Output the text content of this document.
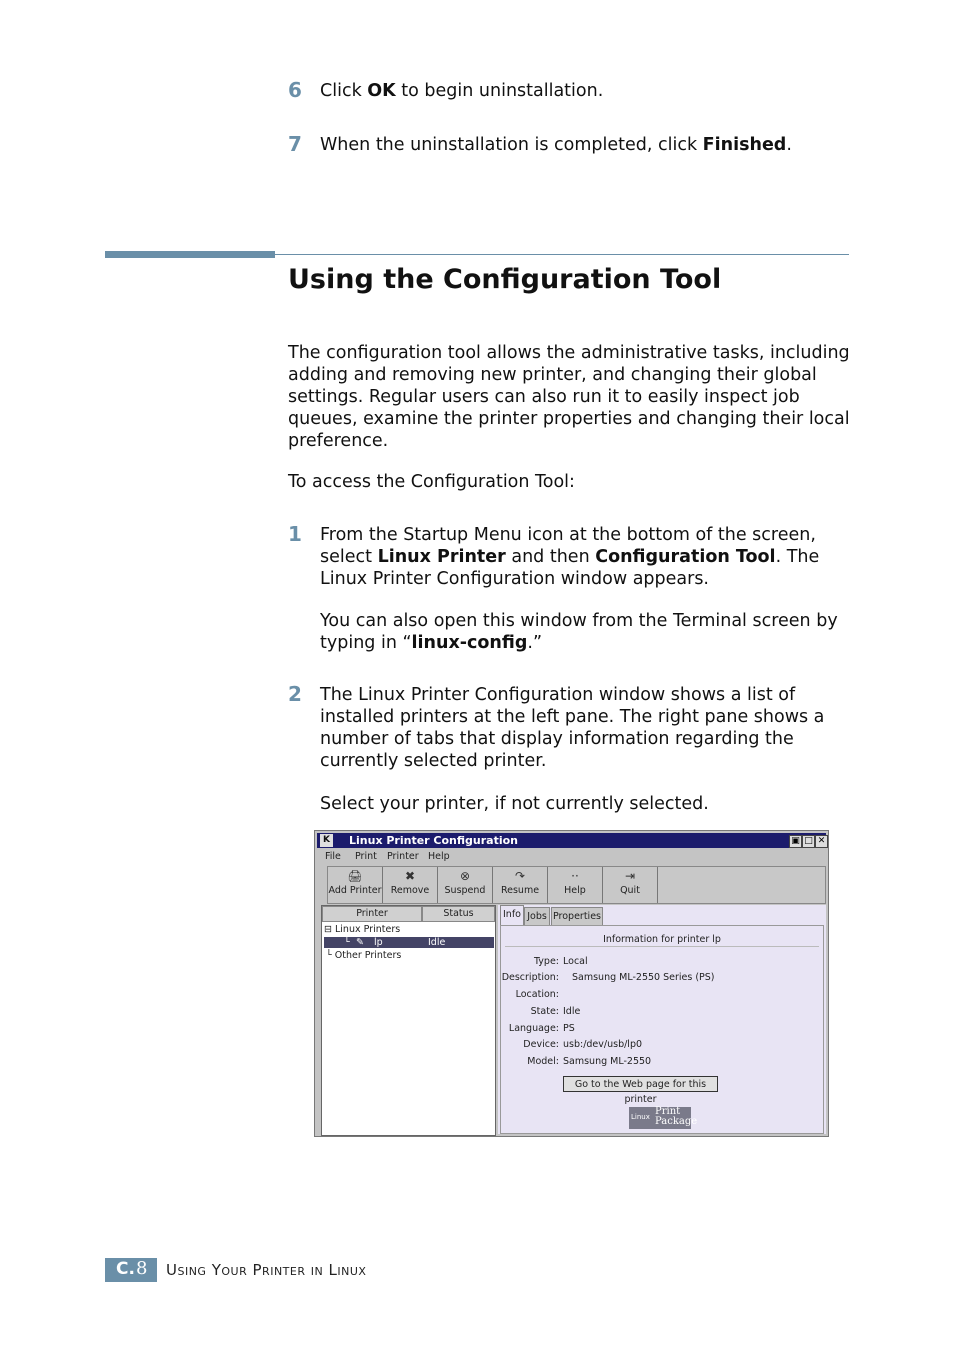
6 Click OK to begin uninstallation.
7 When the uninstallation is completed, click Finished.
Using the Configuration Tool
The configuration tool allows the administrative tasks, including adding and removing new printer, and changing their global settings. Regular users can also run it to easily inspect job queues, examine the printer properties and changing their local preference.
To access the Configuration Tool:
1 From the Startup Menu icon at the bottom of the screen, select Linux Printer and then Configuration Tool. The Linux Printer Configuration window appears.
You can also open this window from the Terminal screen by typing in “linux-config.”
2 The Linux Printer Configuration window shows a list of installed printers at the left pane. The right pane shows a number of tabs that display information regarding the currently selected printer.
Select your printer, if not currently selected.
K Linux Printer Configuration	▣ □ ✕
File Print Printer Help
🖨
Add Printer
✖
Remove
⊗
Suspend
↷
Resume
··
Help
⇥
Quit
Printer	Status
⊟ Linux Printers
└ ✎ lp	Idle
└ Other Printers
Info Jobs Properties
Information for printer lp
Type: Local
Description: Samsung ML-2550 Series (PS)
Location:
State: Idle
Language: PS
Device: usb:/dev/usb/lp0
Model: Samsung ML-2550
Go to the Web page for this printer
Linux Print
Package
C. 8 Using Your Printer in Linux
